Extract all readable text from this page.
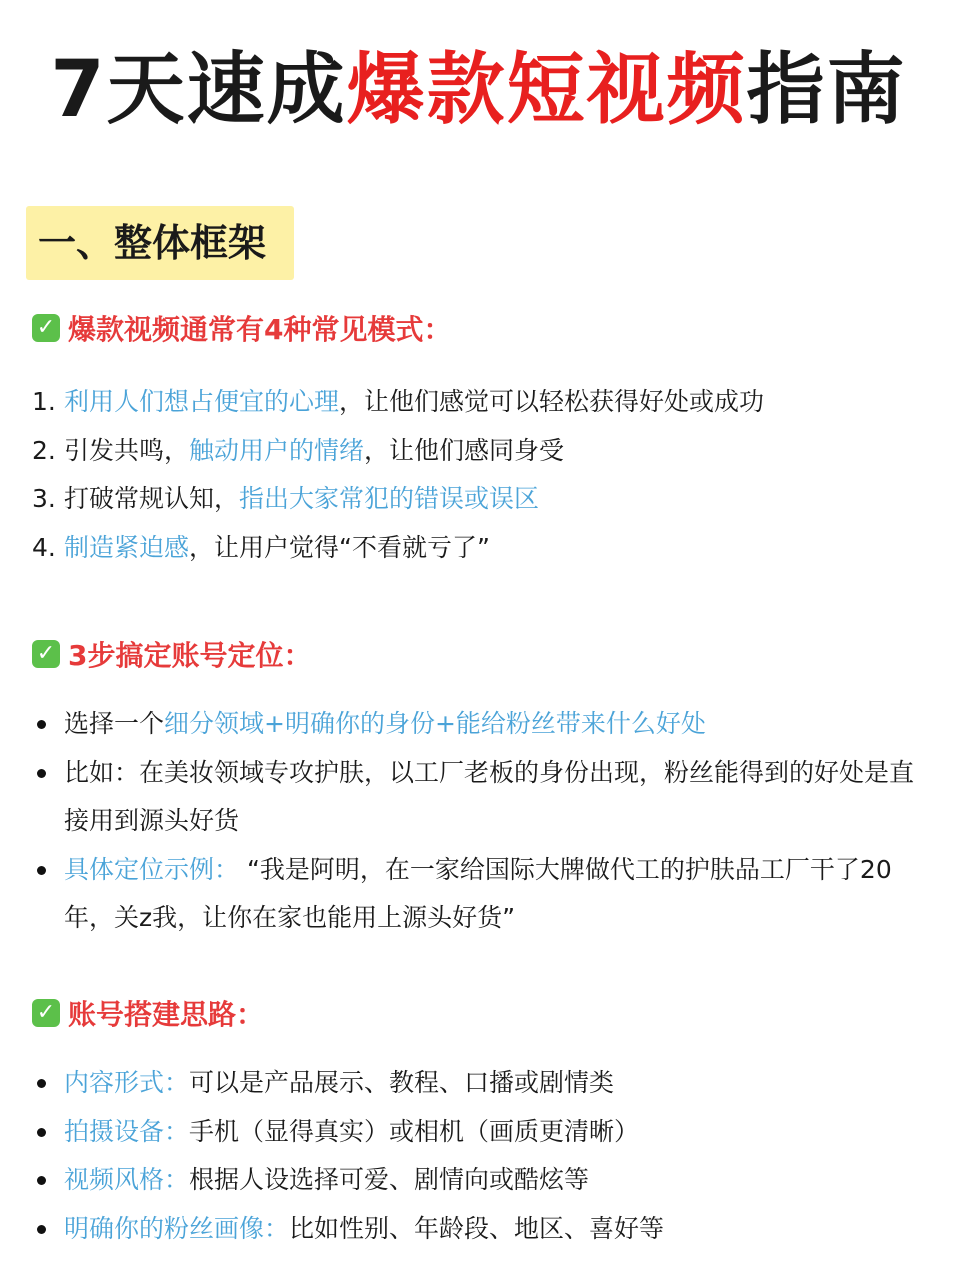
7天速成爆款短视频指南
一、整体框架
✓ 爆款视频通常有4种常见模式：
1. 利用人们想占便宜的心理，让他们感觉可以轻松获得好处或成功
2. 引发共鸣，触动用户的情绪，让他们感同身受
3. 打破常规认知，指出大家常犯的错误或误区
4. 制造紧迫感，让用户觉得“不看就亏了”
✓ 3步搞定账号定位：
选择一个细分领域+明确你的身份+能给粉丝带来什么好处
比如：在美妆领域专攻护肤，以工厂老板的身份出现，粉丝能得到的好处是直接用到源头好货
具体定位示例： “我是阿明，在一家给国际大牌做代工的护肤品工厂干了20年，关z我，让你在家也能用上源头好货”
✓ 账号搭建思路：
内容形式：可以是产品展示、教程、口播或剧情类
拍摄设备：手机（显得真实）或相机（画质更清晰）
视频风格：根据人设选择可爱、剧情向或酷炫等
明确你的粉丝画像：比如性别、年龄段、地区、喜好等
